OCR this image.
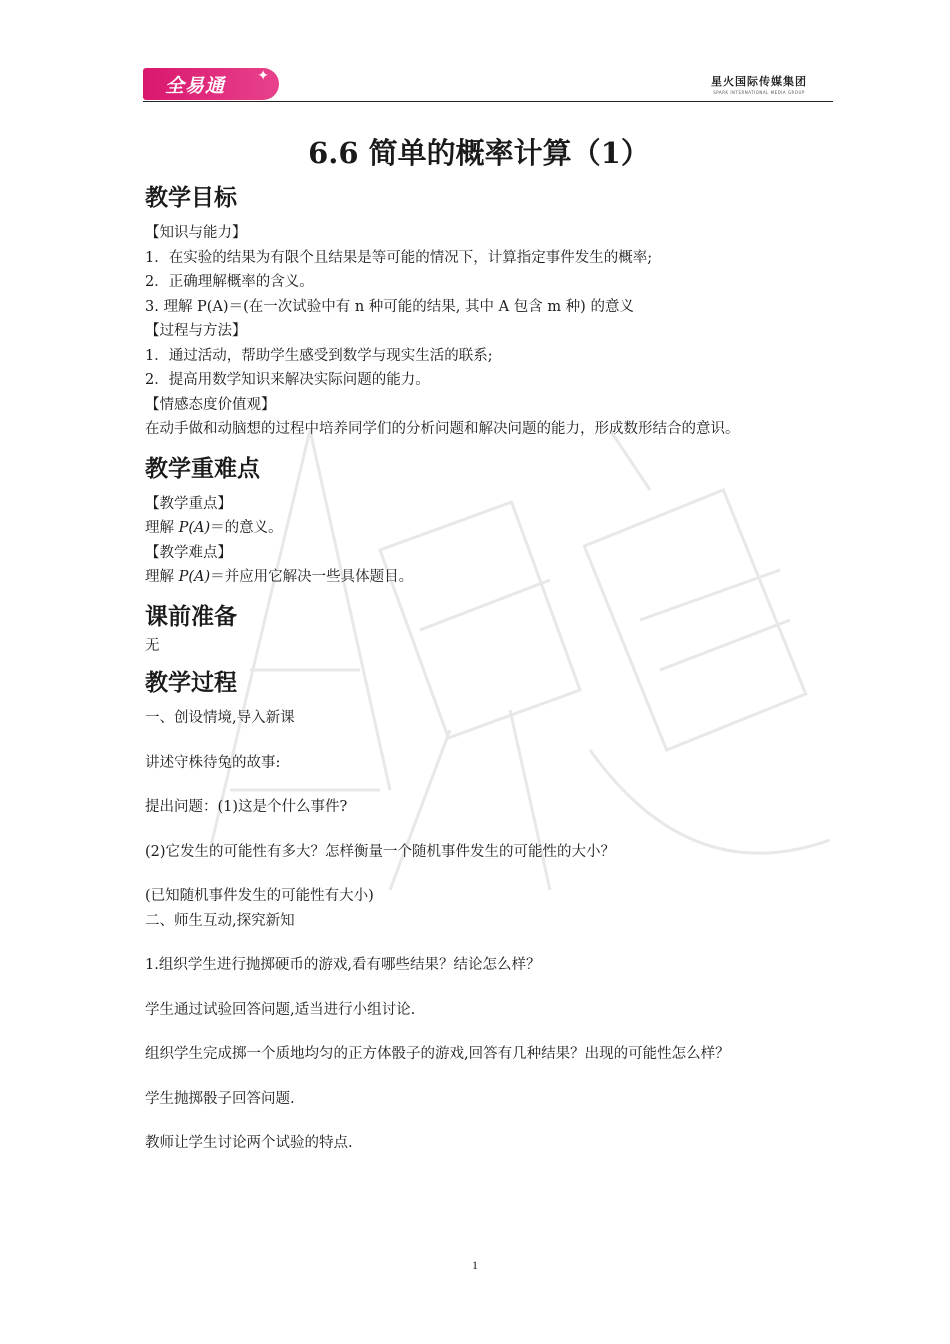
全易通 ✦	星火国际传媒集团
SPARK INTERNATIONAL MEDIA GROUP
6.6 简单的概率计算（1）
教学目标

【知识与能力】

1．在实验的结果为有限个且结果是等可能的情况下，计算指定事件发生的概率;

2．正确理解概率的含义。

3. 理解 P(A)＝(在一次试验中有 n 种可能的结果, 其中 A 包含 m 种) 的意义

【过程与方法】

1．通过活动，帮助学生感受到数学与现实生活的联系;

2．提高用数学知识来解决实际问题的能力。

【情感态度价值观】

在动手做和动脑想的过程中培养同学们的分析问题和解决问题的能力，形成数形结合的意识。

教学重难点

【教学重点】

理解 P(A)＝的意义。

【教学难点】

理解 P(A)＝并应用它解决一些具体题目。

课前准备

无

教学过程

一、创设情境,导入新课

讲述守株待兔的故事:

提出问题：(1)这是个什么事件?

(2)它发生的可能性有多大？怎样衡量一个随机事件发生的可能性的大小？

(已知随机事件发生的可能性有大小)

二、师生互动,探究新知

1.组织学生进行抛掷硬币的游戏,看有哪些结果？结论怎么样？

学生通过试验回答问题,适当进行小组讨论.

组织学生完成掷一个质地均匀的正方体骰子的游戏,回答有几种结果？出现的可能性怎么样？

学生抛掷骰子回答问题.

教师让学生讨论两个试验的特点.

1
